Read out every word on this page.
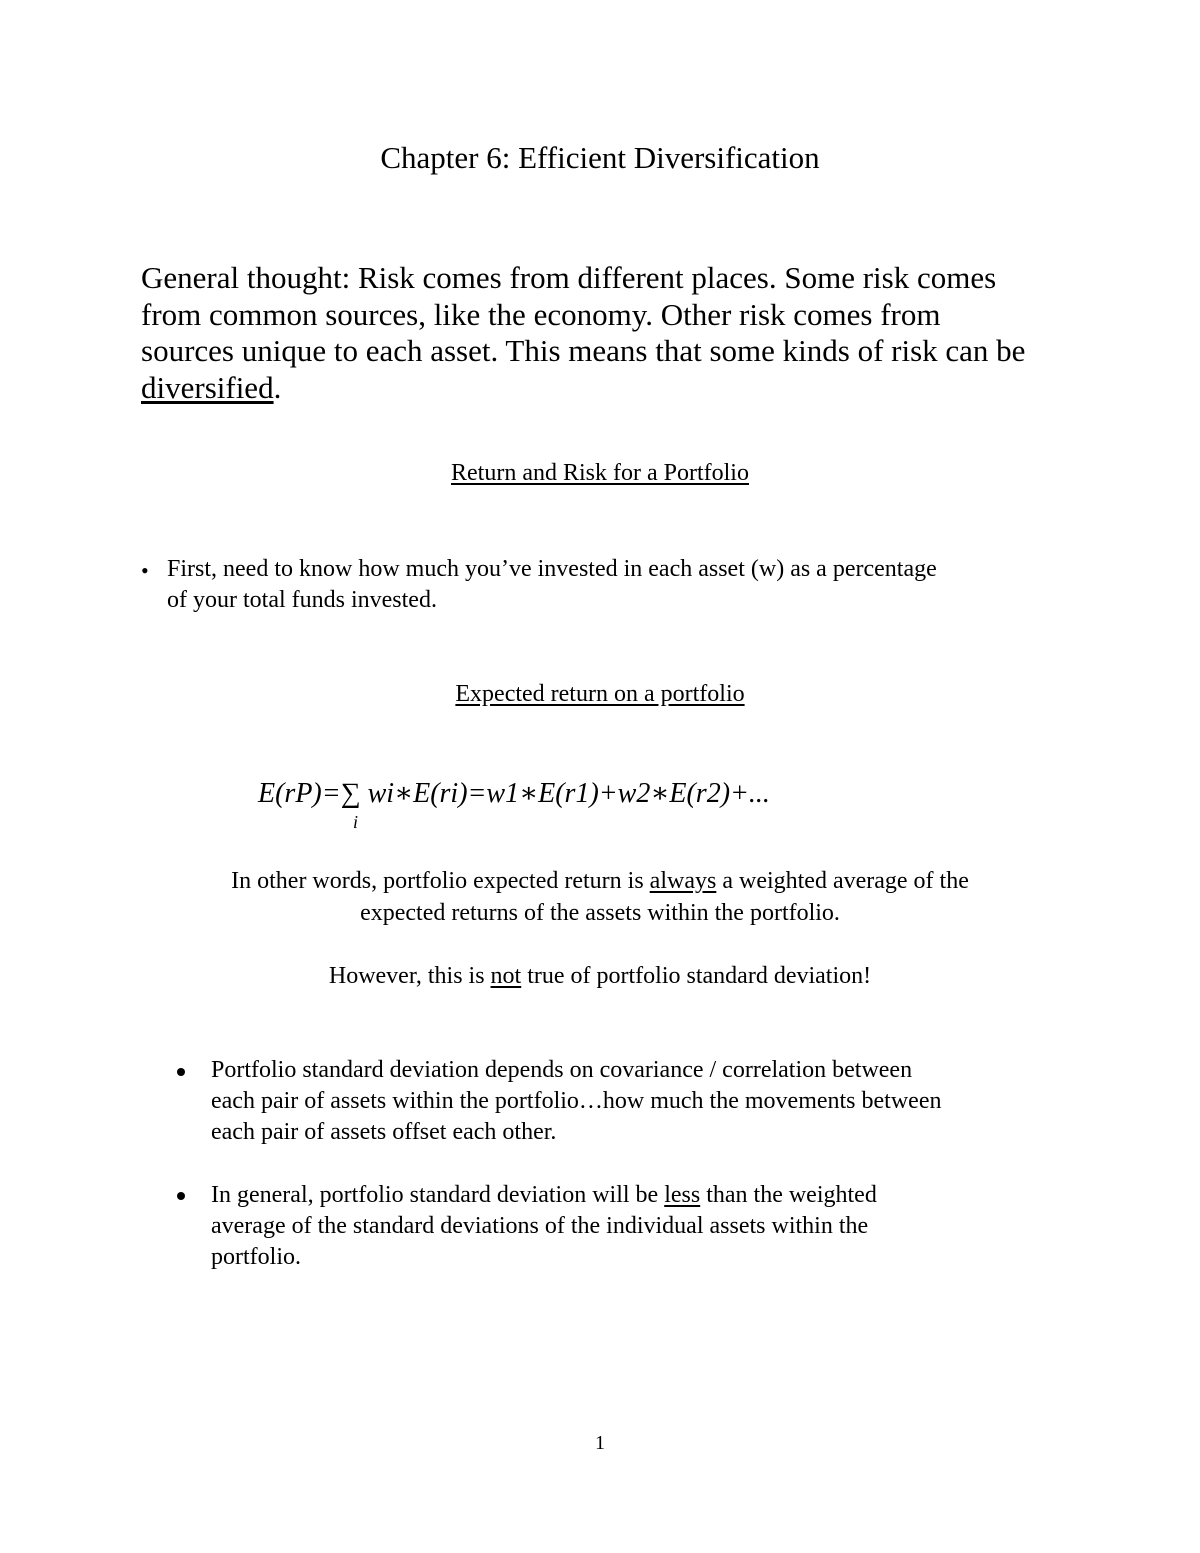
Chapter 6: Efficient Diversification
General thought: Risk comes from different places. Some risk comes
from common sources, like the economy. Other risk comes from
sources unique to each asset. This means that some kinds of risk can be
diversified.
Return and Risk for a Portfolio
• First, need to know how much you’ve invested in each asset (w) as a percentage
of your total funds invested.
Expected return on a portfolio
E(rP)=∑ wi∗E(ri)=w1∗E(r1)+w2∗E(r2)+...
i
In other words, portfolio expected return is always a weighted average of the
expected returns of the assets within the portfolio.
However, this is not true of portfolio standard deviation!
Portfolio standard deviation depends on covariance / correlation between
each pair of assets within the portfolio…how much the movements between
each pair of assets offset each other.
In general, portfolio standard deviation will be less than the weighted
average of the standard deviations of the individual assets within the
portfolio.
1
